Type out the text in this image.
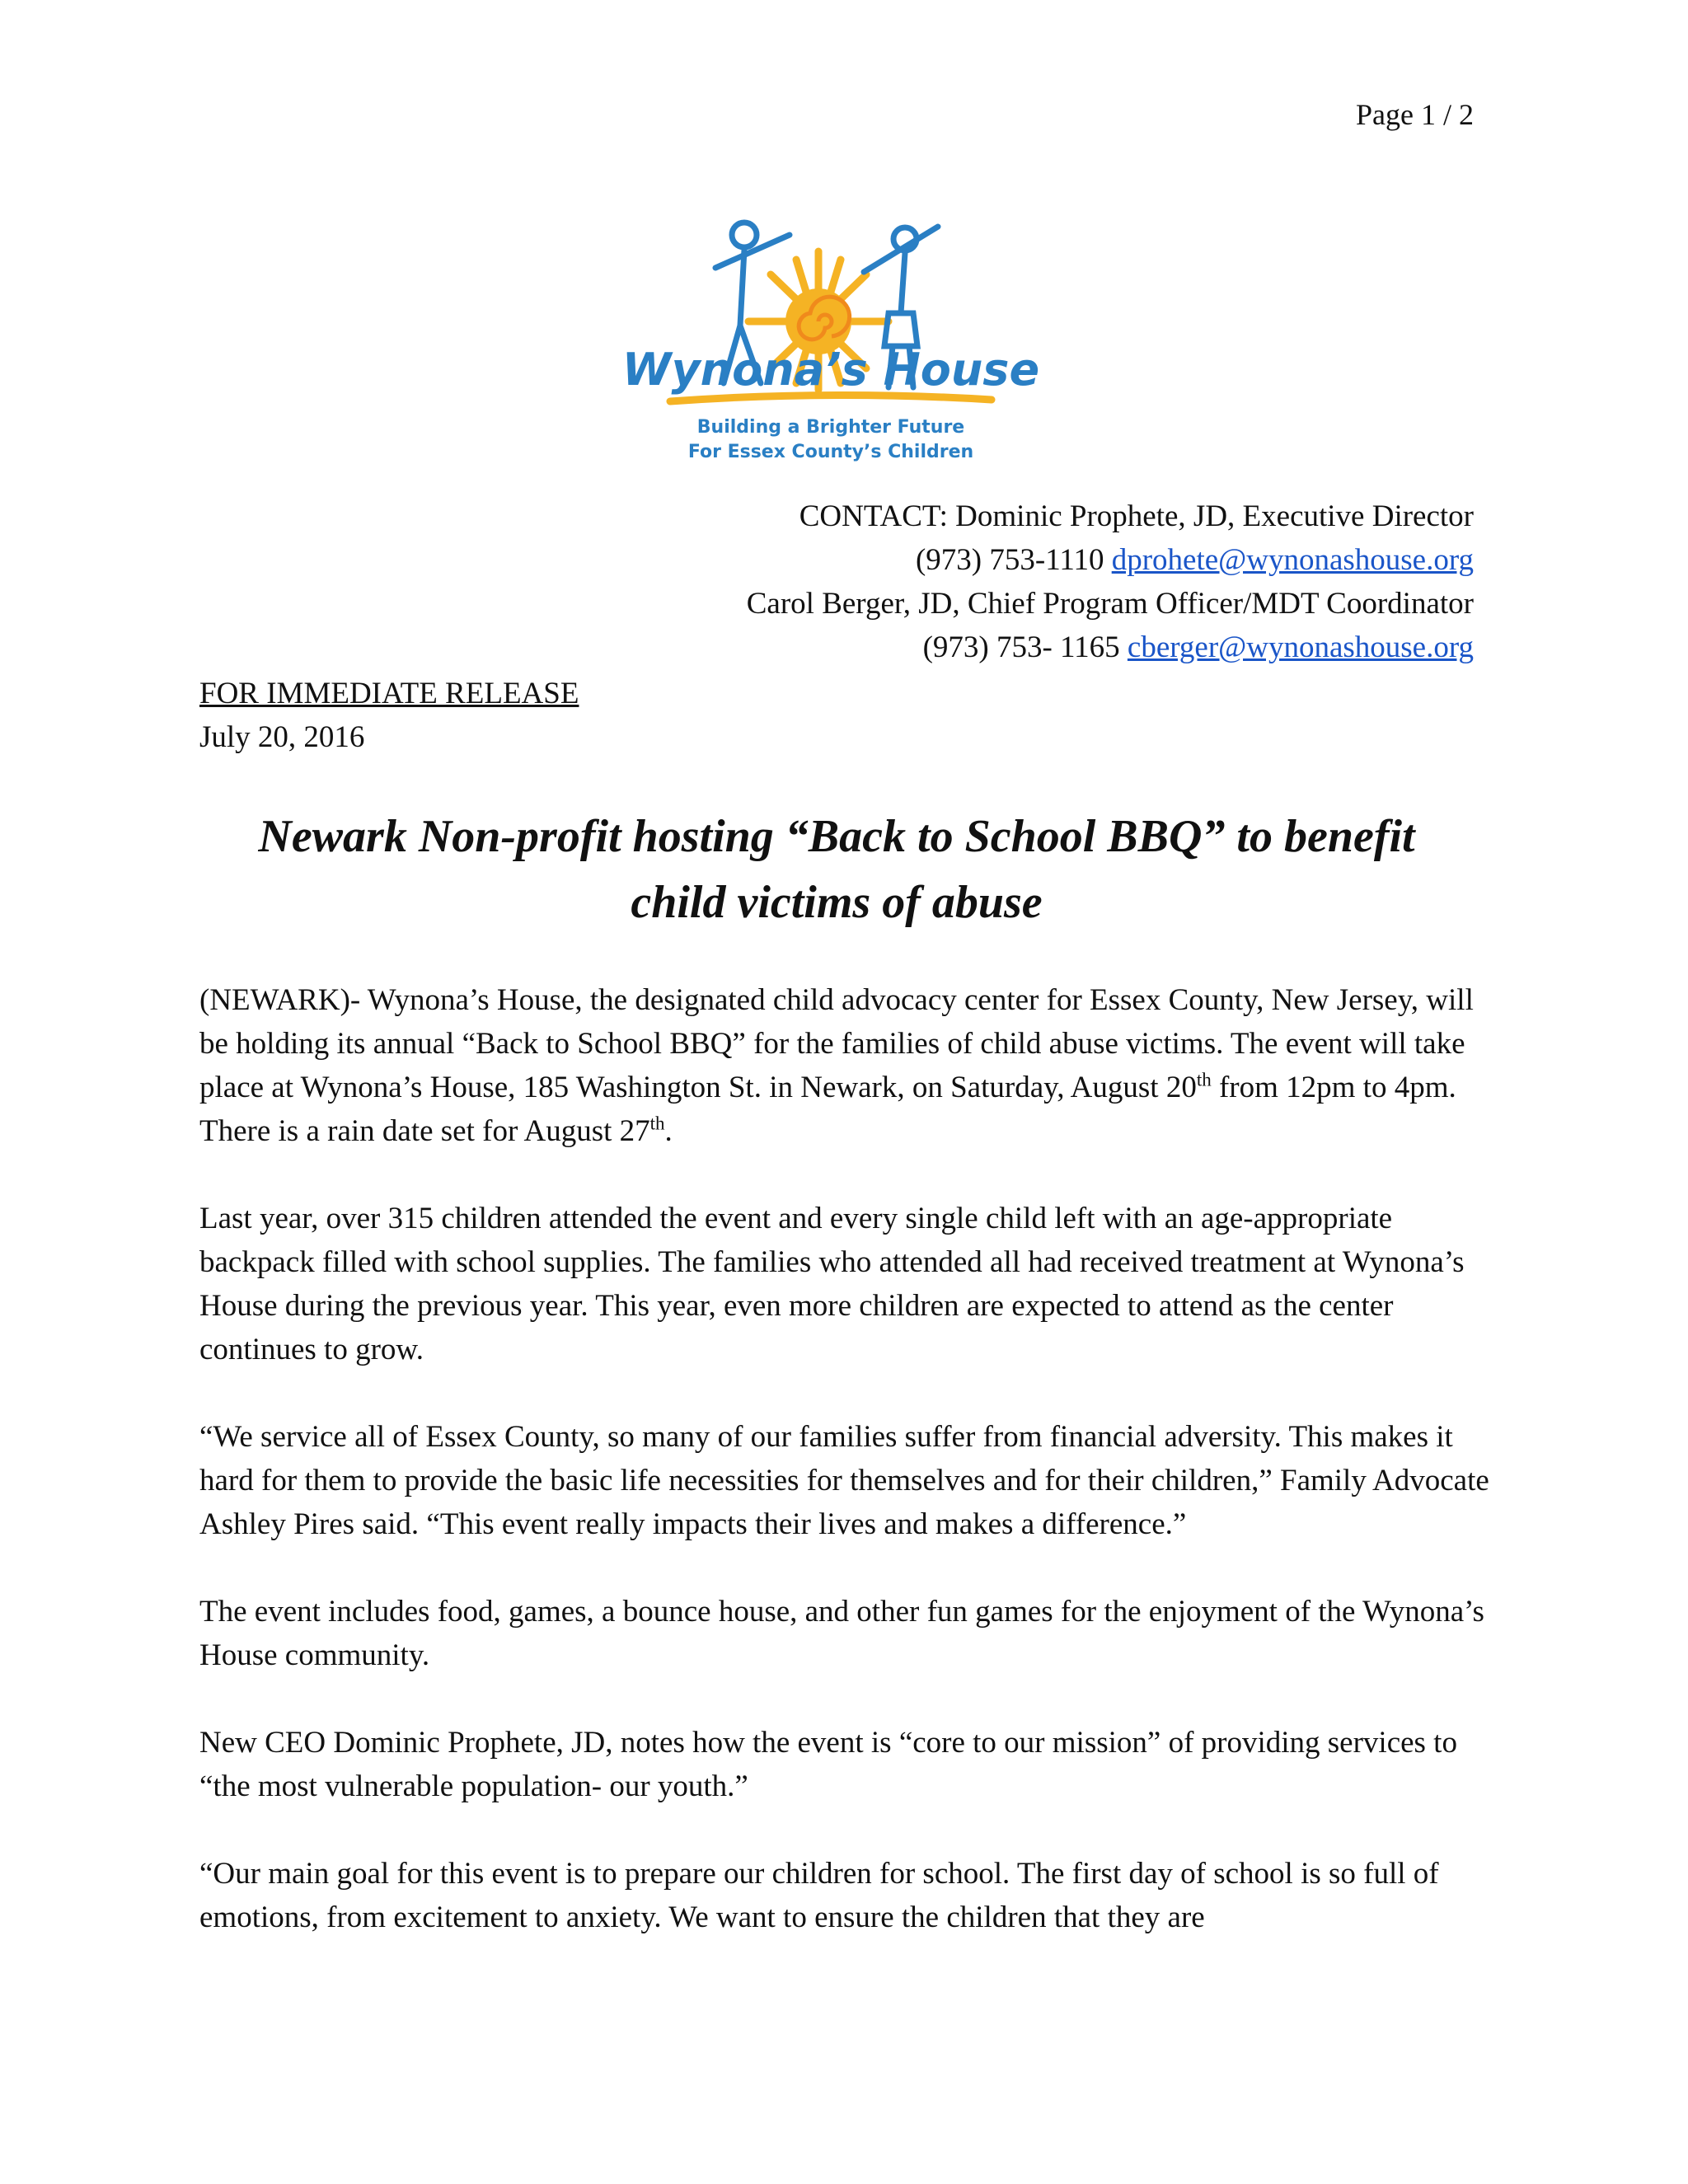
Page 1 / 2
Wynona’s House
Building a Brighter Future
For Essex County’s Children
CONTACT: Dominic Prophete, JD, Executive Director
(973) 753-1110 dprohete@wynonashouse.org
Carol Berger, JD, Chief Program Officer/MDT Coordinator
(973) 753- 1165 cberger@wynonashouse.org
FOR IMMEDIATE RELEASE
July 20, 2016
Newark Non-profit hosting “Back to School BBQ” to benefit
child victims of abuse

(NEWARK)- Wynona’s House, the designated child advocacy center for Essex County, New Jersey, will be holding its annual “Back to School BBQ” for the families of child abuse victims. The event will take place at Wynona’s House, 185 Washington St. in Newark, on Saturday, August 20th from 12pm to 4pm. There is a rain date set for August 27th.

Last year, over 315 children attended the event and every single child left with an age-appropriate backpack filled with school supplies. The families who attended all had received treatment at Wynona’s House during the previous year. This year, even more children are expected to attend as the center continues to grow.

“We service all of Essex County, so many of our families suffer from financial adversity. This makes it hard for them to provide the basic life necessities for themselves and for their children,” Family Advocate Ashley Pires said. “This event really impacts their lives and makes a difference.”

The event includes food, games, a bounce house, and other fun games for the enjoyment of the Wynona’s House community.

New CEO Dominic Prophete, JD, notes how the event is “core to our mission” of providing services to “the most vulnerable population- our youth.”

“Our main goal for this event is to prepare our children for school. The first day of school is so full of emotions, from excitement to anxiety. We want to ensure the children that they are
